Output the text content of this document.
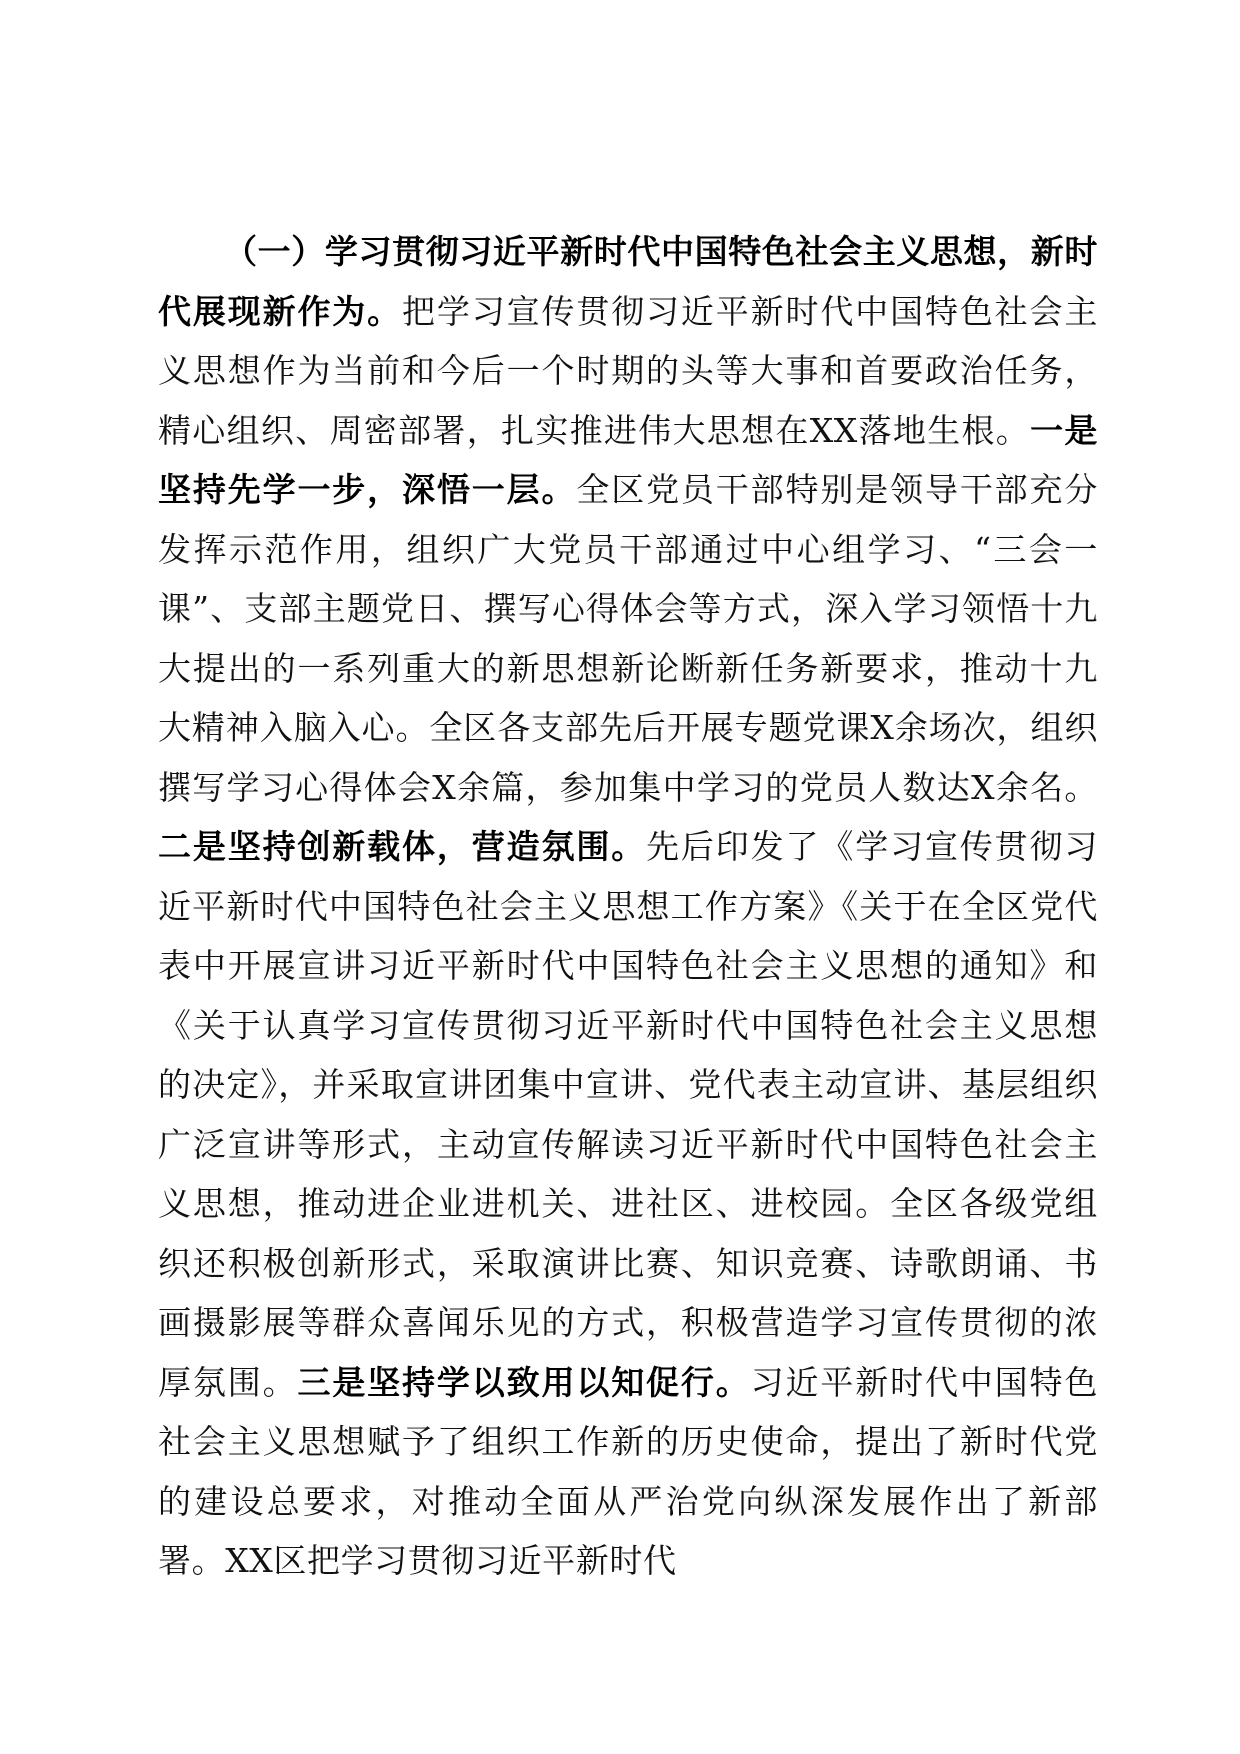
（一）学习贯彻习近平新时代中国特色社会主义思想，新时代展现新作为。把学习宣传贯彻习近平新时代中国特色社会主义思想作为当前和今后一个时期的头等大事和首要政治任务，精心组织、周密部署，扎实推进伟大思想在XX落地生根。一是坚持先学一步，深悟一层。全区党员干部特别是领导干部充分发挥示范作用，组织广大党员干部通过中心组学习、“三会一课”、支部主题党日、撰写心得体会等方式，深入学习领悟十九大提出的一系列重大的新思想新论断新任务新要求，推动十九大精神入脑入心。全区各支部先后开展专题党课X余场次，组织撰写学习心得体会X余篇，参加集中学习的党员人数达X余名。二是坚持创新载体，营造氛围。先后印发了《学习宣传贯彻习近平新时代中国特色社会主义思想工作方案》《关于在全区党代表中开展宣讲习近平新时代中国特色社会主义思想的通知》和《关于认真学习宣传贯彻习近平新时代中国特色社会主义思想的决定》，并采取宣讲团集中宣讲、党代表主动宣讲、基层组织广泛宣讲等形式，主动宣传解读习近平新时代中国特色社会主义思想，推动进企业进机关、进社区、进校园。全区各级党组织还积极创新形式，采取演讲比赛、知识竞赛、诗歌朗诵、书画摄影展等群众喜闻乐见的方式，积极营造学习宣传贯彻的浓厚氛围。三是坚持学以致用以知促行。习近平新时代中国特色社会主义思想赋予了组织工作新的历史使命，提出了新时代党的建设总要求，对推动全面从严治党向纵深发展作出了新部署。XX区把学习贯彻习近平新时代
